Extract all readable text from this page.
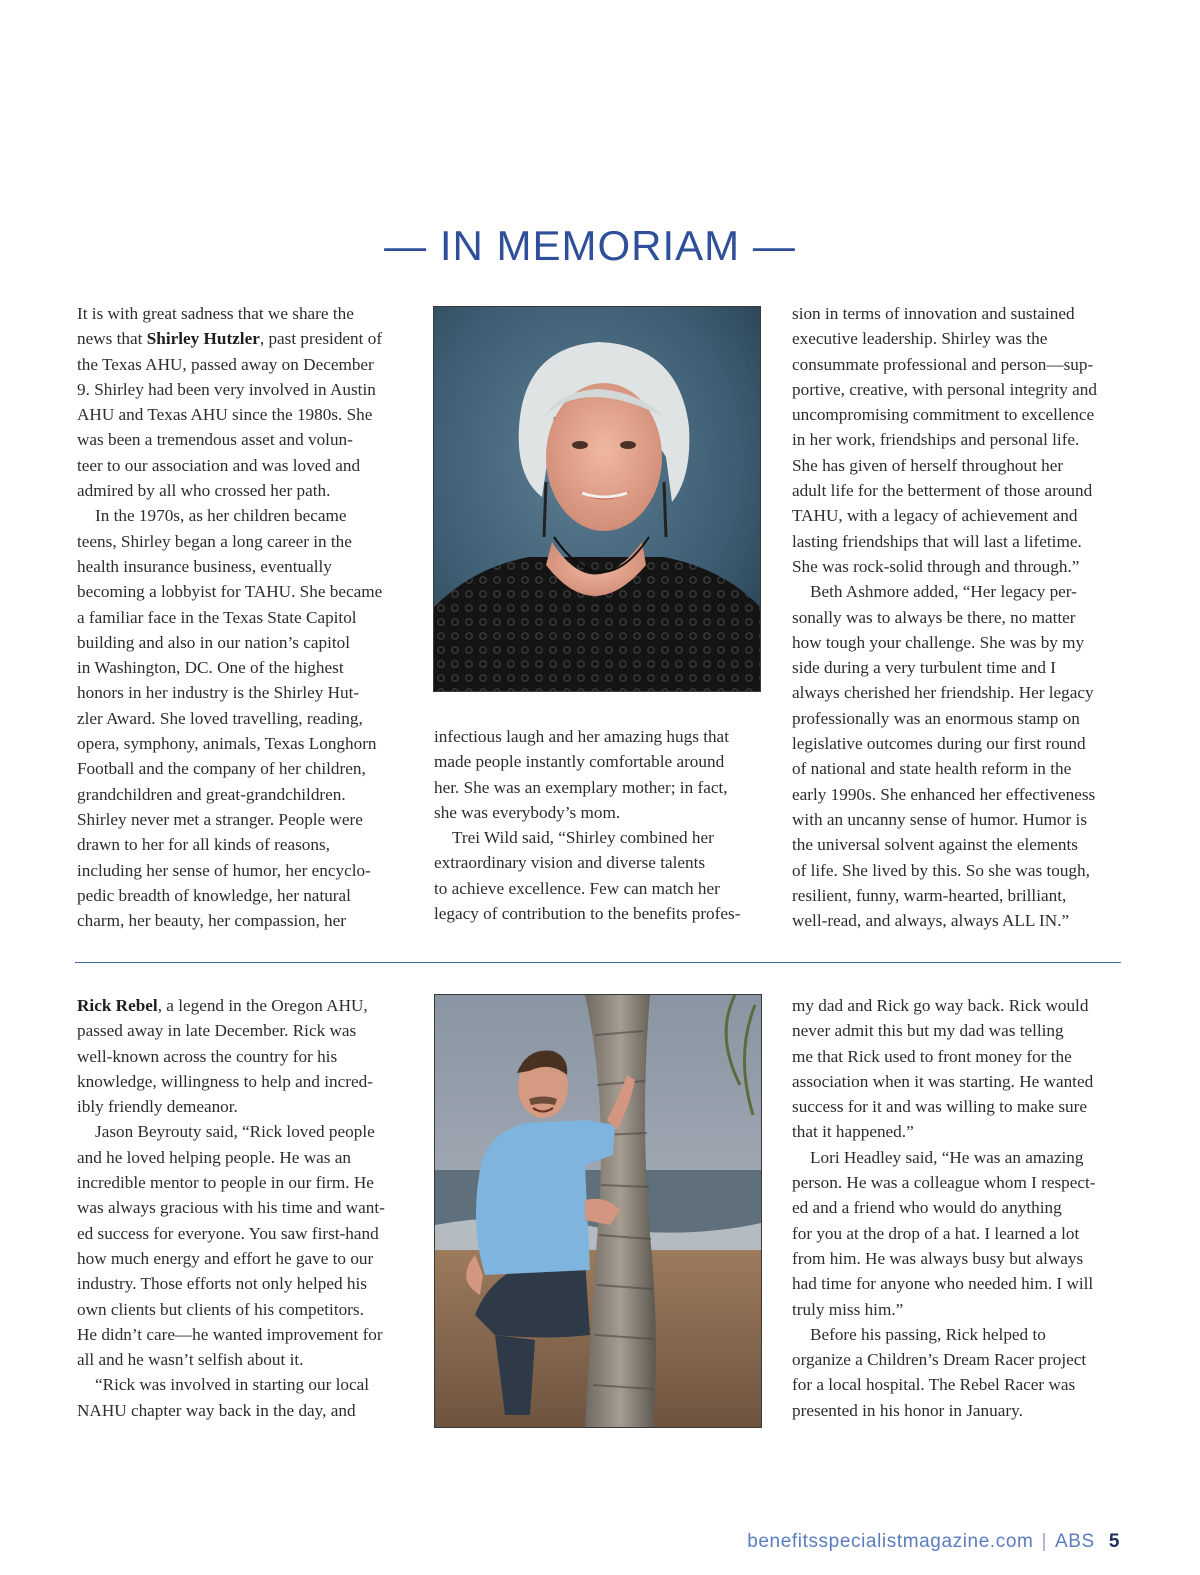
— IN MEMORIAM —

It is with great sadness that we share the

news that Shirley Hutzler, past president of

the Texas AHU, passed away on December

9. Shirley had been very involved in Austin

AHU and Texas AHU since the 1980s. She

was been a tremendous asset and volun-

teer to our association and was loved and

admired by all who crossed her path.

In the 1970s, as her children became

teens, Shirley began a long career in the

health insurance business, eventually

becoming a lobbyist for TAHU. She became

a familiar face in the Texas State Capitol

building and also in our nation’s capitol

in Washington, DC. One of the highest

honors in her industry is the Shirley Hut-

zler Award. She loved travelling, reading,

opera, symphony, animals, Texas Longhorn

Football and the company of her children,

grandchildren and great-grandchildren.

Shirley never met a stranger. People were

drawn to her for all kinds of reasons,

including her sense of humor, her encyclo-

pedic breadth of knowledge, her natural

charm, her beauty, her compassion, her

infectious laugh and her amazing hugs that

made people instantly comfortable around

her. She was an exemplary mother; in fact,

she was everybody’s mom.

Trei Wild said, “Shirley combined her

extraordinary vision and diverse talents

to achieve excellence. Few can match her

legacy of contribution to the benefits profes-

sion in terms of innovation and sustained

executive leadership. Shirley was the

consummate professional and person—sup-

portive, creative, with personal integrity and

uncompromising commitment to excellence

in her work, friendships and personal life.

She has given of herself throughout her

adult life for the betterment of those around

TAHU, with a legacy of achievement and

lasting friendships that will last a lifetime.

She was rock-solid through and through.”

Beth Ashmore added, “Her legacy per-

sonally was to always be there, no matter

how tough your challenge. She was by my

side during a very turbulent time and I

always cherished her friendship. Her legacy

professionally was an enormous stamp on

legislative outcomes during our first round

of national and state health reform in the

early 1990s. She enhanced her effectiveness

with an uncanny sense of humor. Humor is

the universal solvent against the elements

of life. She lived by this. So she was tough,

resilient, funny, warm-hearted, brilliant,

well-read, and always, always ALL IN.”

Rick Rebel, a legend in the Oregon AHU,

passed away in late December. Rick was

well-known across the country for his

knowledge, willingness to help and incred-

ibly friendly demeanor.

Jason Beyrouty said, “Rick loved people

and he loved helping people. He was an

incredible mentor to people in our firm. He

was always gracious with his time and want-

ed success for everyone. You saw first-hand

how much energy and effort he gave to our

industry. Those efforts not only helped his

own clients but clients of his competitors.

He didn’t care—he wanted improvement for

all and he wasn’t selfish about it.

“Rick was involved in starting our local

NAHU chapter way back in the day, and

my dad and Rick go way back. Rick would

never admit this but my dad was telling

me that Rick used to front money for the

association when it was starting. He wanted

success for it and was willing to make sure

that it happened.”

Lori Headley said, “He was an amazing

person. He was a colleague whom I respect-

ed and a friend who would do anything

for you at the drop of a hat. I learned a lot

from him. He was always busy but always

had time for anyone who needed him. I will

truly miss him.”

Before his passing, Rick helped to

organize a Children’s Dream Racer project

for a local hospital. The Rebel Racer was

presented in his honor in January.

benefitsspecialistmagazine.com | ABS 5
